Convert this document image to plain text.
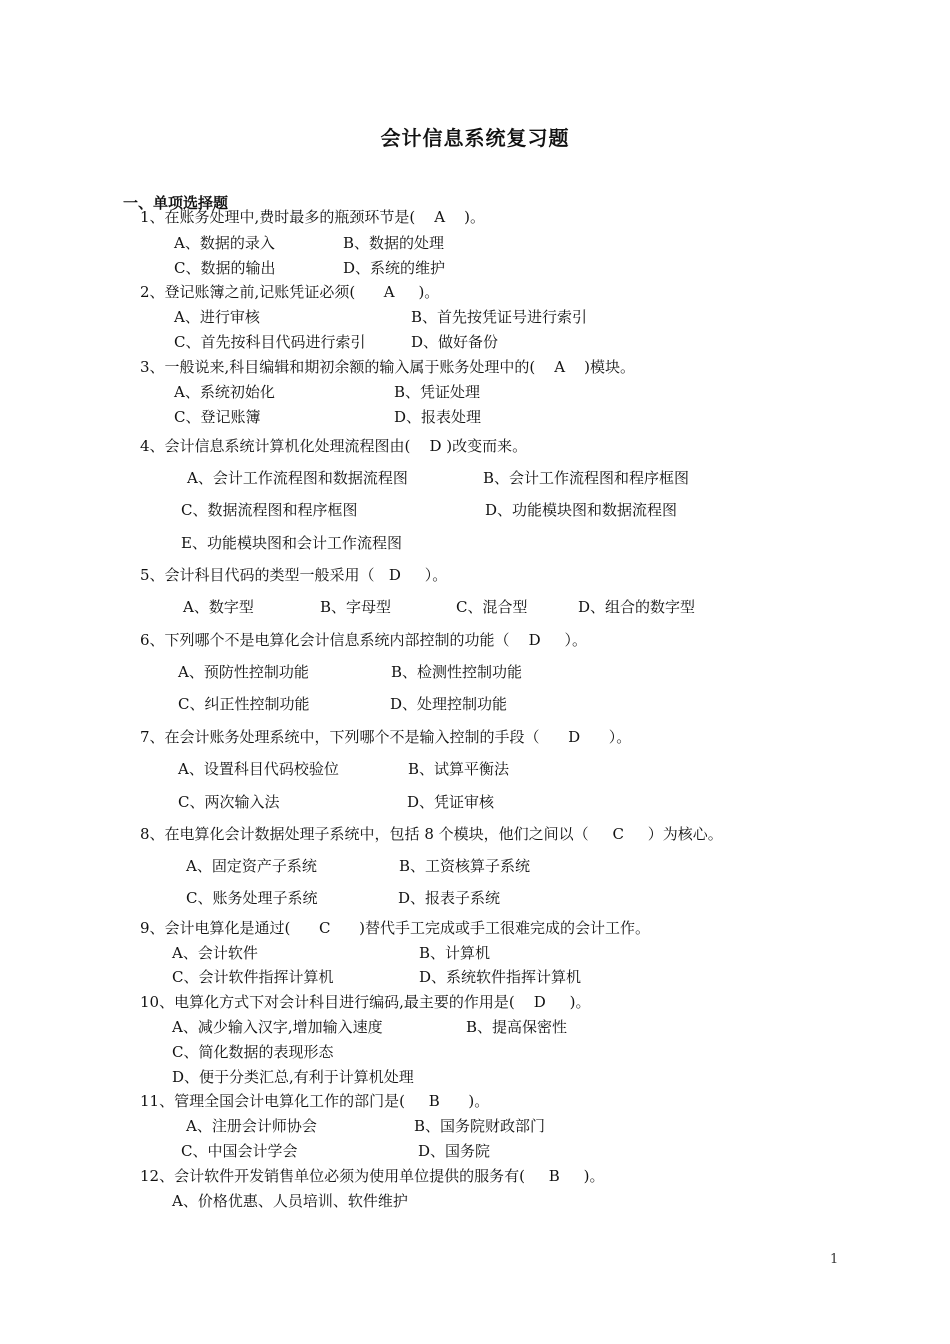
会计信息系统复习题
一、单项选择题
1、在账务处理中,费时最多的瓶颈环节是(    A    )。
A、数据的录入	B、数据的处理
C、数据的输出	D、系统的维护
2、登记账簿之前,记账凭证必须(      A     )。
A、进行审核	B、首先按凭证号进行索引
C、首先按科目代码进行索引	D、做好备份
3、一般说来,科目编辑和期初余额的输入属于账务处理中的(    A    )模块。
A、系统初始化	B、凭证处理
C、登记账簿	D、报表处理
4、会计信息系统计算机化处理流程图由(    D )改变而来。
A、会计工作流程图和数据流程图	B、会计工作流程图和程序框图
C、数据流程图和程序框图	D、功能模块图和数据流程图
E、功能模块图和会计工作流程图
5、会计科目代码的类型一般采用（   D     ）。
A、数字型	B、字母型	C、混合型	D、组合的数字型
6、下列哪个不是电算化会计信息系统内部控制的功能（    D     ）。
A、预防性控制功能	B、检测性控制功能
C、纠正性控制功能	D、处理控制功能
7、在会计账务处理系统中，下列哪个不是输入控制的手段（      D      ）。
A、设置科目代码校验位	B、试算平衡法
C、两次输入法	D、凭证审核
8、在电算化会计数据处理子系统中，包括 8 个模块，他们之间以（     C     ）为核心。
A、固定资产子系统	B、工资核算子系统
C、账务处理子系统	D、报表子系统
9、会计电算化是通过(      C      )替代手工完成或手工很难完成的会计工作。
A、会计软件	B、计算机
C、会计软件指挥计算机	D、系统软件指挥计算机
10、电算化方式下对会计科目进行编码,最主要的作用是(    D     )。
A、减少输入汉字,增加输入速度	B、提高保密性
C、简化数据的表现形态
D、便于分类汇总,有利于计算机处理
11、管理全国会计电算化工作的部门是(     B      )。
A、注册会计师协会	B、国务院财政部门
C、中国会计学会	D、国务院
12、会计软件开发销售单位必须为使用单位提供的服务有(     B     )。
A、价格优惠、人员培训、软件维护
1
